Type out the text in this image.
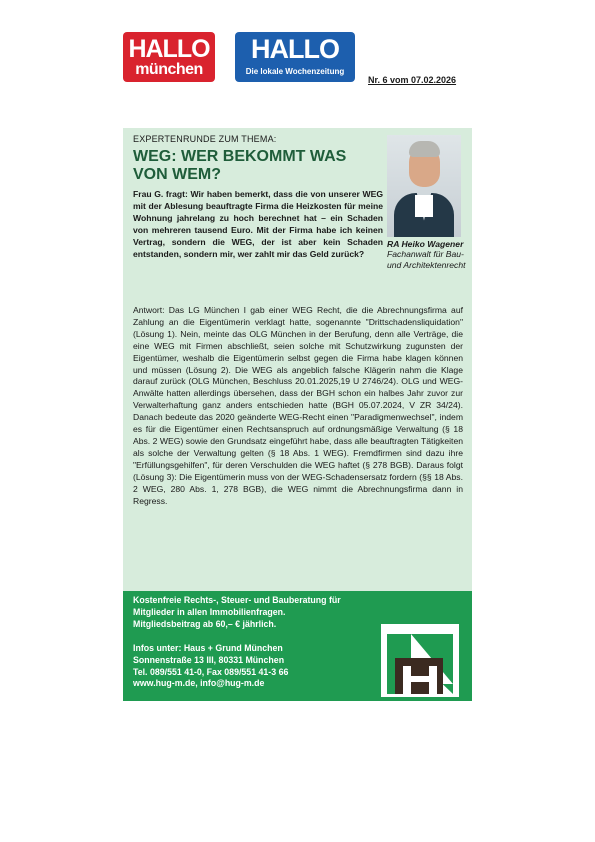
HALLO
münchen
HALLO
Die lokale Wochenzeitung
Nr. 6 vom 07.02.2026
EXPERTENRUNDE ZUM THEMA:
WEG: WER BEKOMMT WAS VON WEM?
Frau G. fragt: Wir haben bemerkt, dass die von unserer WEG mit der Ablesung beauftragte Firma die Heizkosten für meine Wohnung jahrelang zu hoch berechnet hat – ein Schaden von mehreren tausend Euro. Mit der Firma habe ich keinen Vertrag, sondern die WEG, der ist aber kein Schaden entstanden, sondern mir, wer zahlt mir das Geld zurück?
RA Heiko Wagener
Fachanwalt für Bau- und Architektenrecht
Antwort: Das LG München I gab einer WEG Recht, die die Abrechnungsfirma auf Zahlung an die Eigentümerin verklagt hatte, sogenannte "Drittschadensliquidation" (Lösung 1). Nein, meinte das OLG München in der Berufung, denn alle Verträge, die eine WEG mit Firmen abschließt, seien solche mit Schutzwirkung zugunsten der Eigentümer, weshalb die Eigentümerin selbst gegen die Firma habe klagen können und müssen (Lösung 2). Die WEG als angeblich falsche Klägerin nahm die Klage darauf zurück (OLG München, Beschluss 20.01.2025,19 U 2746/24). OLG und WEG-Anwälte hatten allerdings übersehen, dass der BGH schon ein halbes Jahr zuvor zur Verwalterhaftung ganz anders entschieden hatte (BGH 05.07.2024, V ZR 34/24). Danach bedeute das 2020 geänderte WEG-Recht einen "Paradigmenwechsel", indem es für die Eigentümer einen Rechtsanspruch auf ordnungsmäßige Verwaltung (§ 18 Abs. 2 WEG) sowie den Grundsatz eingeführt habe, dass alle beauftragten Tätigkeiten als solche der Verwaltung gelten (§ 18 Abs. 1 WEG). Fremdfirmen sind dazu ihre "Erfüllungsgehilfen", für deren Verschulden die WEG haftet (§ 278 BGB). Daraus folgt (Lösung 3): Die Eigentümerin muss von der WEG-Schadensersatz fordern (§§ 18 Abs. 2 WEG, 280 Abs. 1, 278 BGB), die WEG nimmt die Abrechnungsfirma dann in Regress.

Kostenfreie Rechts-, Steuer- und Bauberatung für Mitglieder in allen Immobilienfragen.

Mitgliedsbeitrag ab 60,– € jährlich.

Infos unter: Haus + Grund München

Sonnenstraße 13 III, 80331 München

Tel. 089/551 41-0, Fax 089/551 41-3 66

www.hug-m.de, info@hug-m.de
